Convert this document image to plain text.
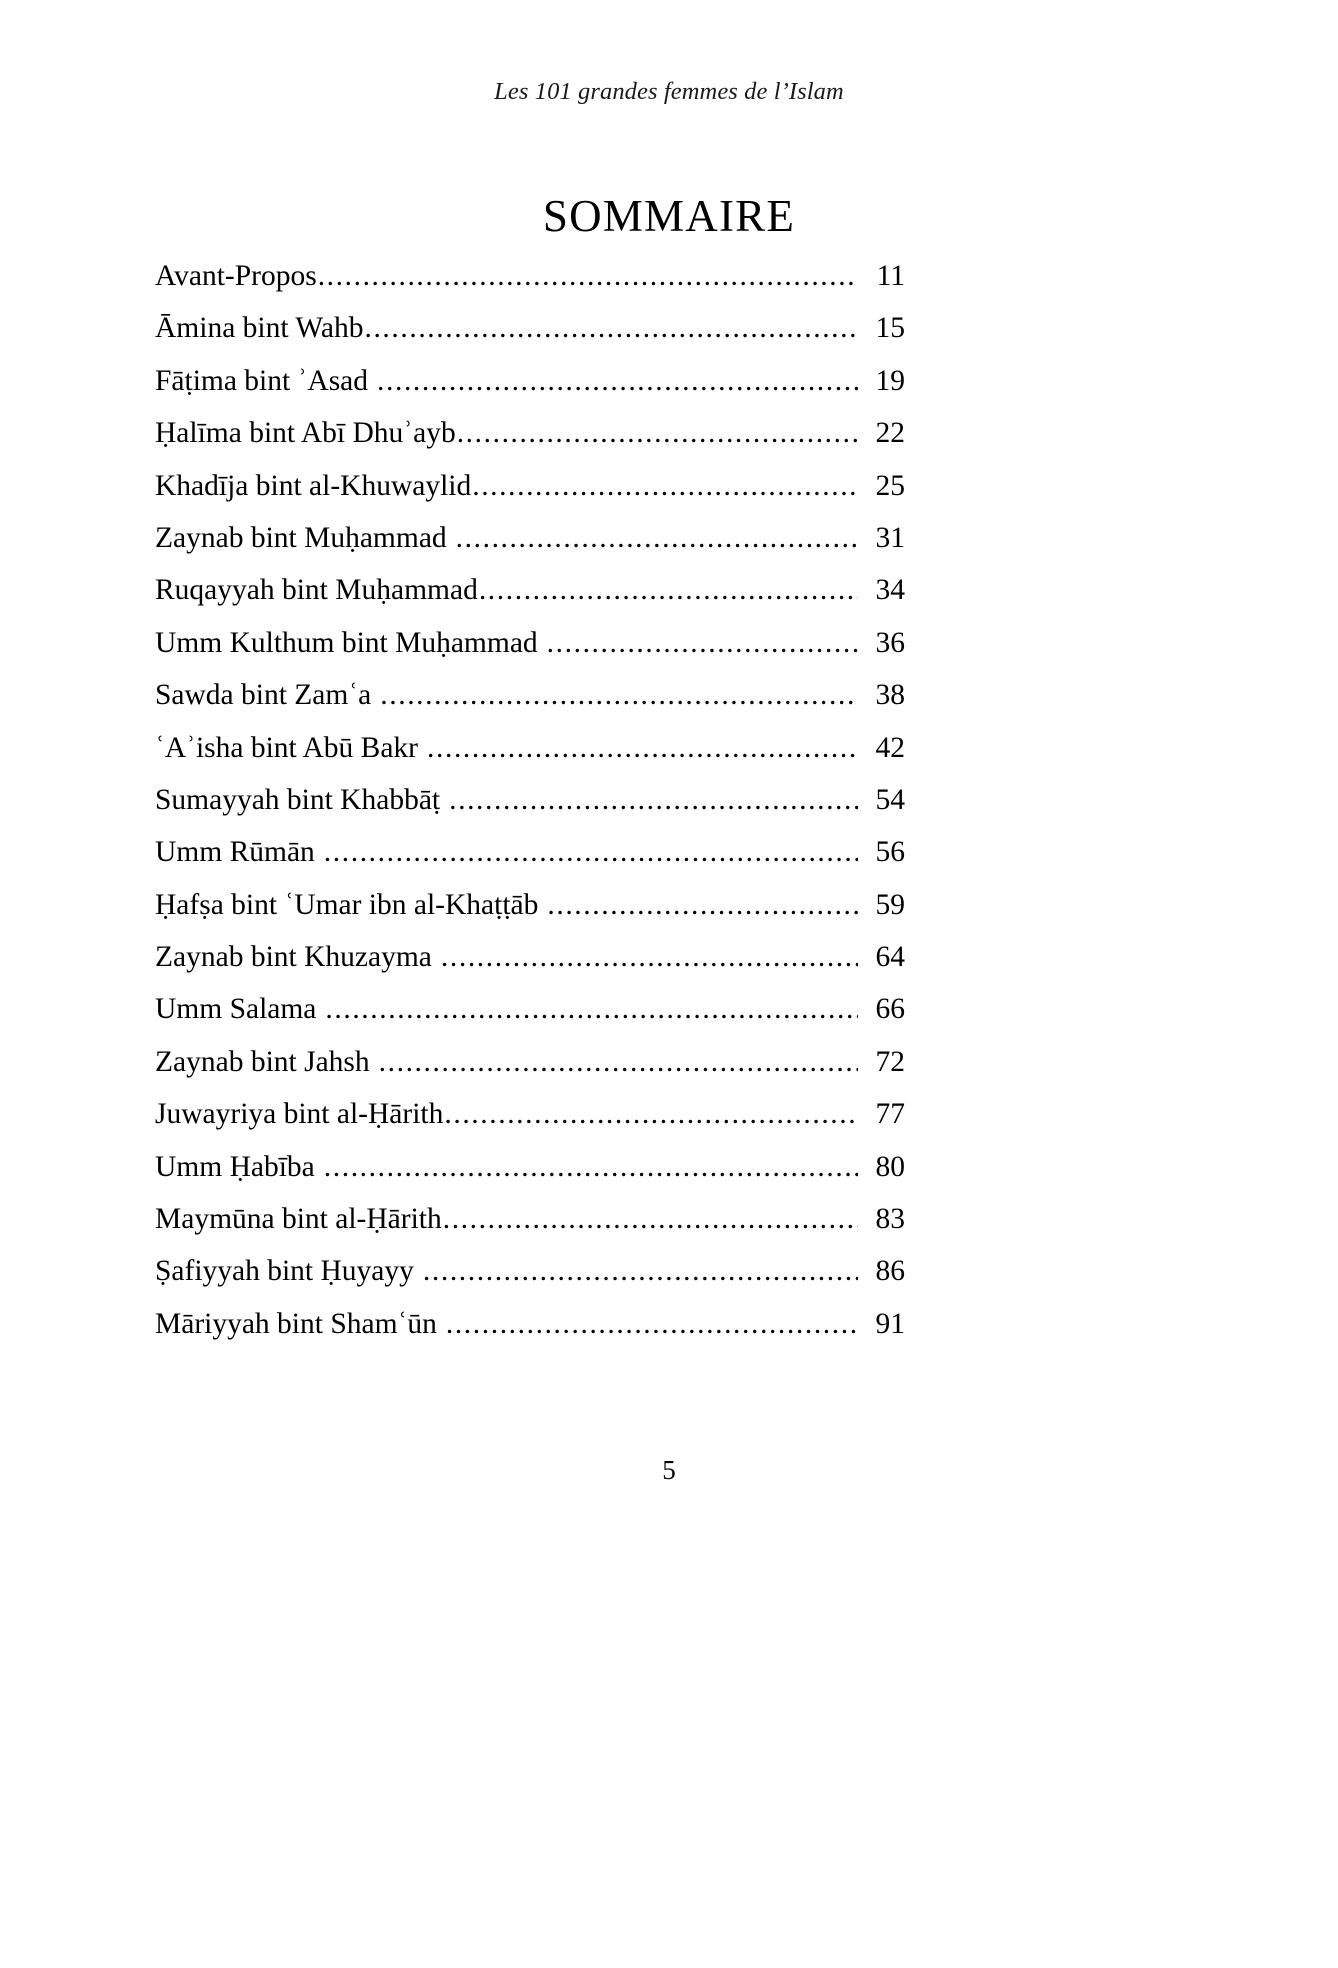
Les 101 grandes femmes de l’Islam
SOMMAIRE
Avant-Propos .....	11
Āmina bint Wahb .....	15
Fāṭima bint ʾAsad .....	19
Ḥalīma bint Abī Dhuʾayb .....	22
Khadīja bint al-Khuwaylid .....	25
Zaynab bint Muḥammad .....	31
Ruqayyah bint Muḥammad .....	34
Umm Kulthum bint Muḥammad .....	36
Sawda bint Zamʿa .....	38
ʿAʾisha bint Abū Bakr .....	42
Sumayyah bint Khabbāṭ .....	54
Umm Rūmān .....	56
Ḥafṣa bint ʿUmar ibn al-Khaṭṭāb .....	59
Zaynab bint Khuzayma .....	64
Umm Salama .....	66
Zaynab bint Jahsh .....	72
Juwayriya bint al-Ḥārith .....	77
Umm Ḥabība .....	80
Maymūna bint al-Ḥārith .....	83
Ṣafiyyah bint Ḥuyayy .....	86
Māriyyah bint Shamʿūn .....	91
5
